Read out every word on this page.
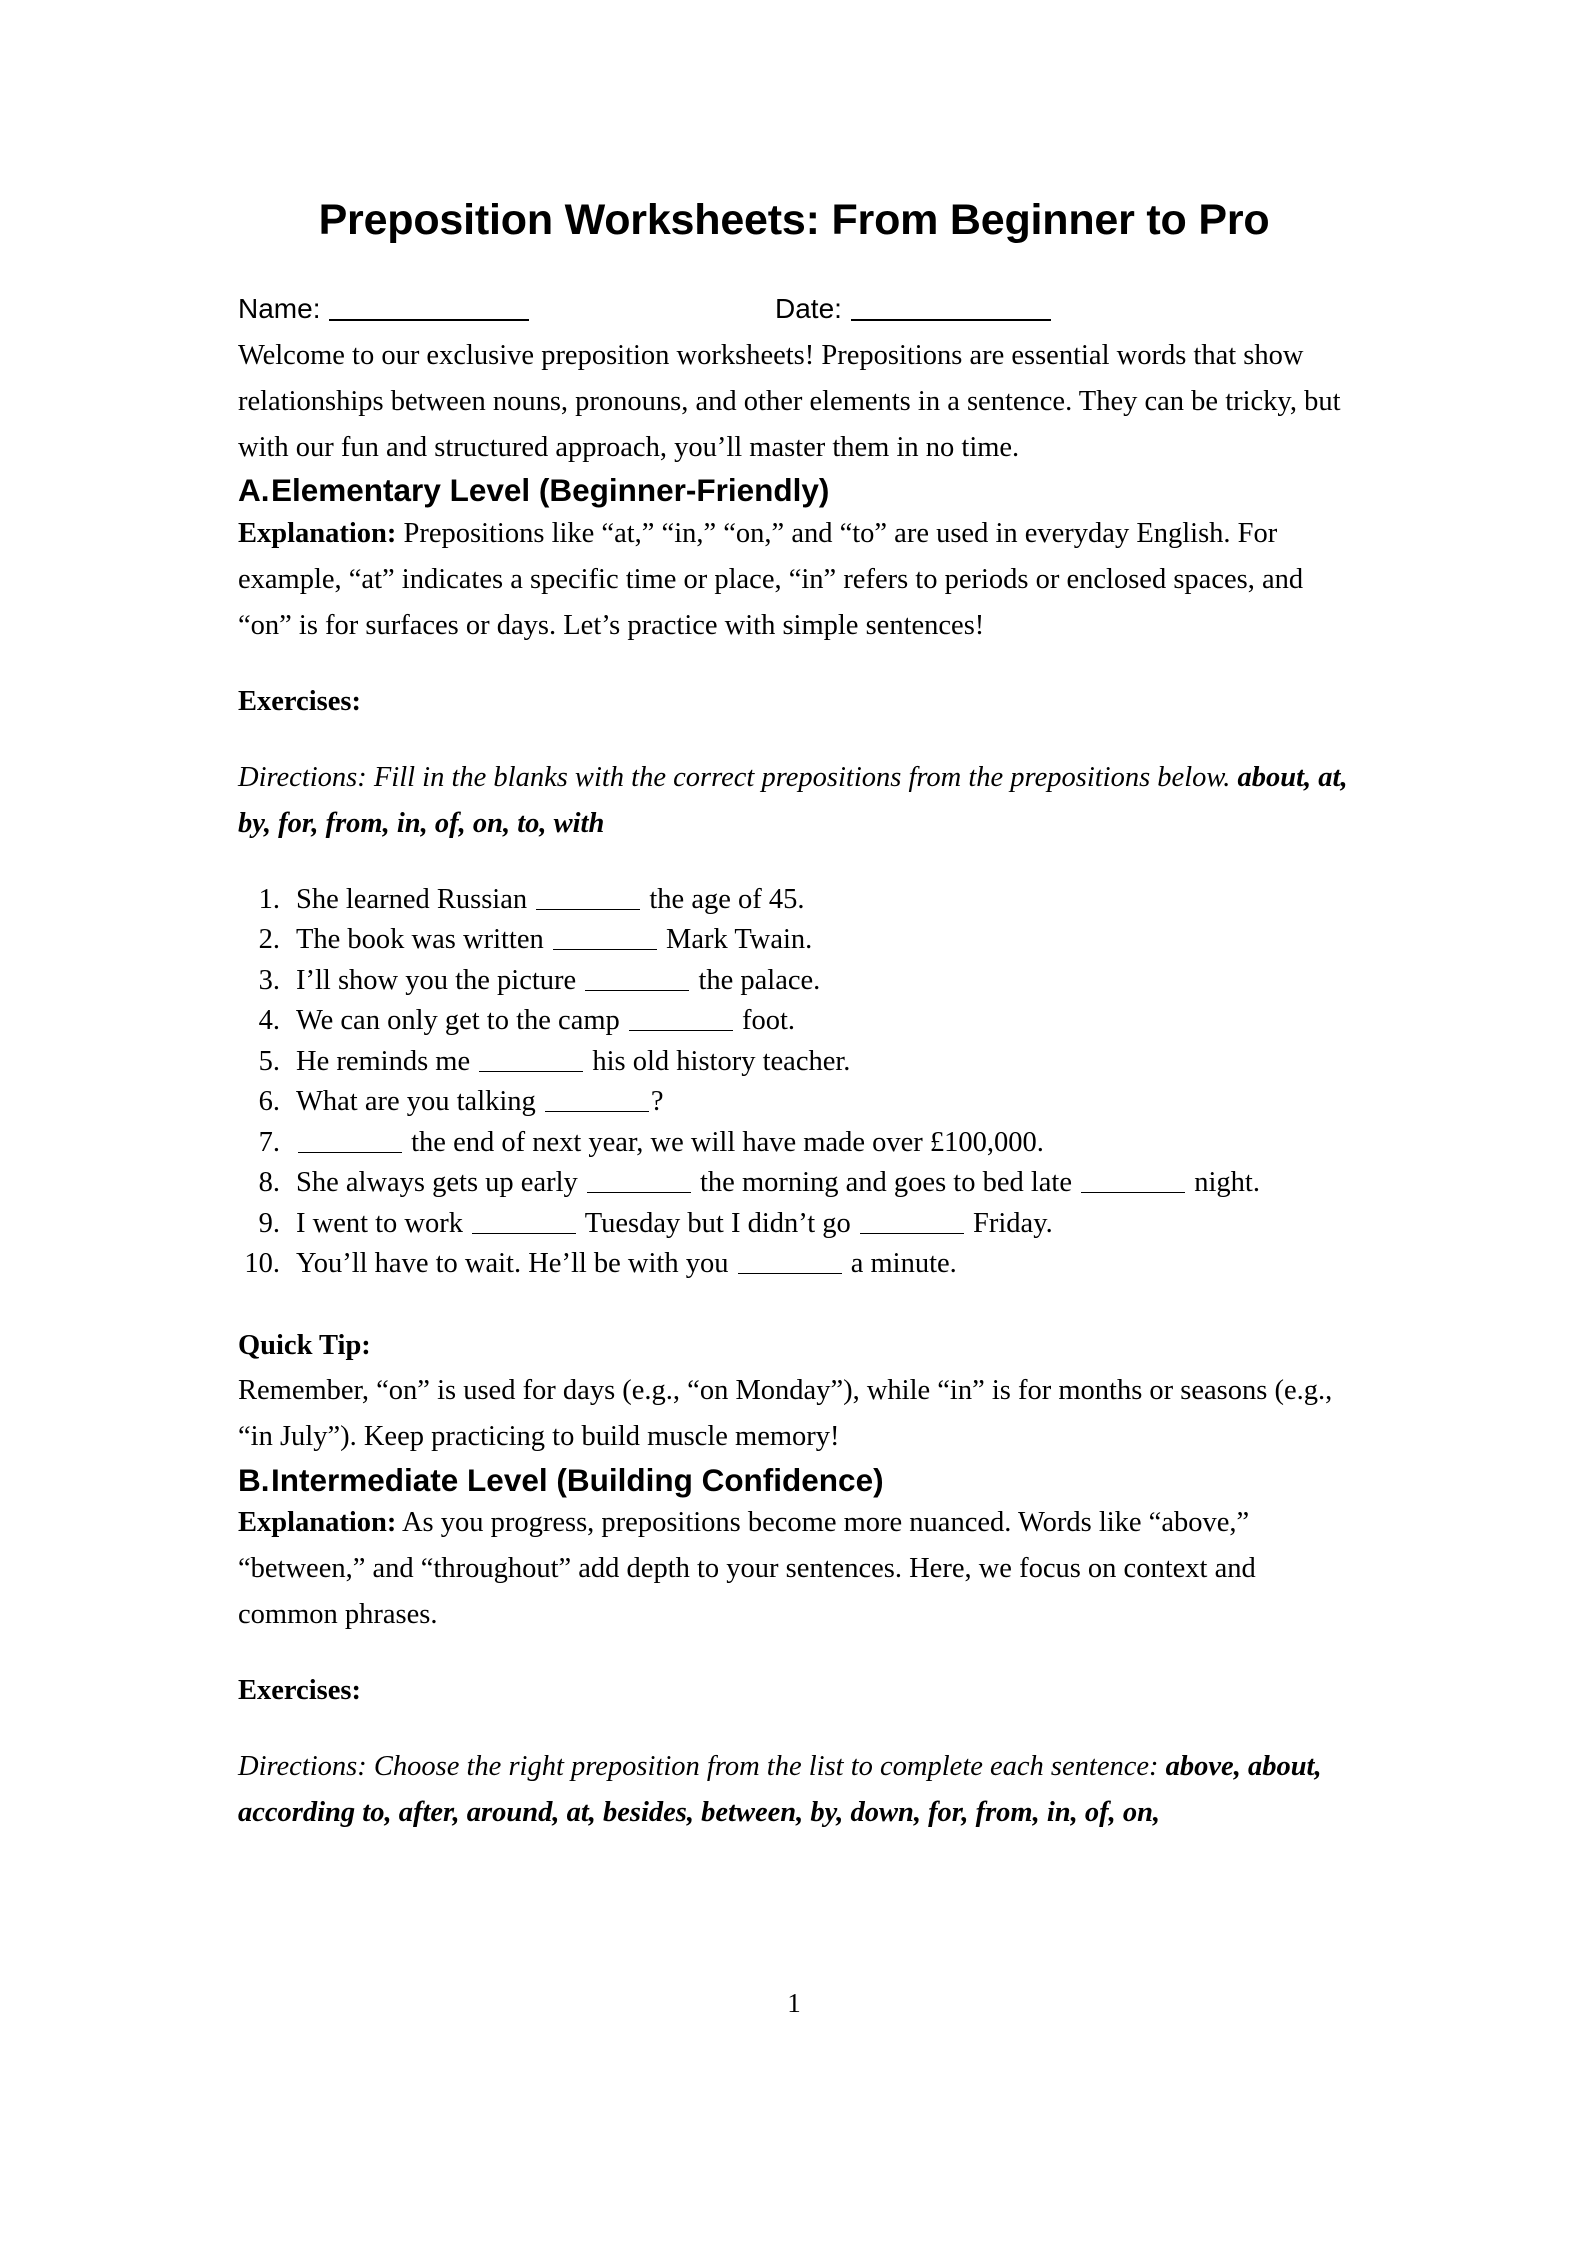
Preposition Worksheets: From Beginner to Pro
Name:	Date:

Welcome to our exclusive preposition worksheets! Prepositions are essential words that show relationships between nouns, pronouns, and other elements in a sentence. They can be tricky, but with our fun and structured approach, you’ll master them in no time.

A.Elementary Level (Beginner-Friendly)

Explanation: Prepositions like “at,” “in,” “on,” and “to” are used in everyday English. For example, “at” indicates a specific time or place, “in” refers to periods or enclosed spaces, and “on” is for surfaces or days. Let’s practice with simple sentences!

Exercises:

Directions: Fill in the blanks with the correct prepositions from the prepositions below. about, at, by, for, from, in, of, on, to, with

1. She learned Russian	the age of 45.
2. The book was written	Mark Twain.
3. I’ll show you the picture	the palace.
4. We can only get to the camp	foot.
5. He reminds me	his old history teacher.
6. What are you talking	?
7.	the end of next year, we will have made over £100,000.
8. She always gets up early	the morning and goes to bed late	night.
9. I went to work	Tuesday but I didn’t go	Friday.
10. You’ll have to wait. He’ll be with you	a minute.

Quick Tip:

Remember, “on” is used for days (e.g., “on Monday”), while “in” is for months or seasons (e.g., “in July”). Keep practicing to build muscle memory!

B.Intermediate Level (Building Confidence)

Explanation: As you progress, prepositions become more nuanced. Words like “above,” “between,” and “throughout” add depth to your sentences. Here, we focus on context and common phrases.

Exercises:

Directions: Choose the right preposition from the list to complete each sentence: above, about, according to, after, around, at, besides, between, by, down, for, from, in, of, on,

1
